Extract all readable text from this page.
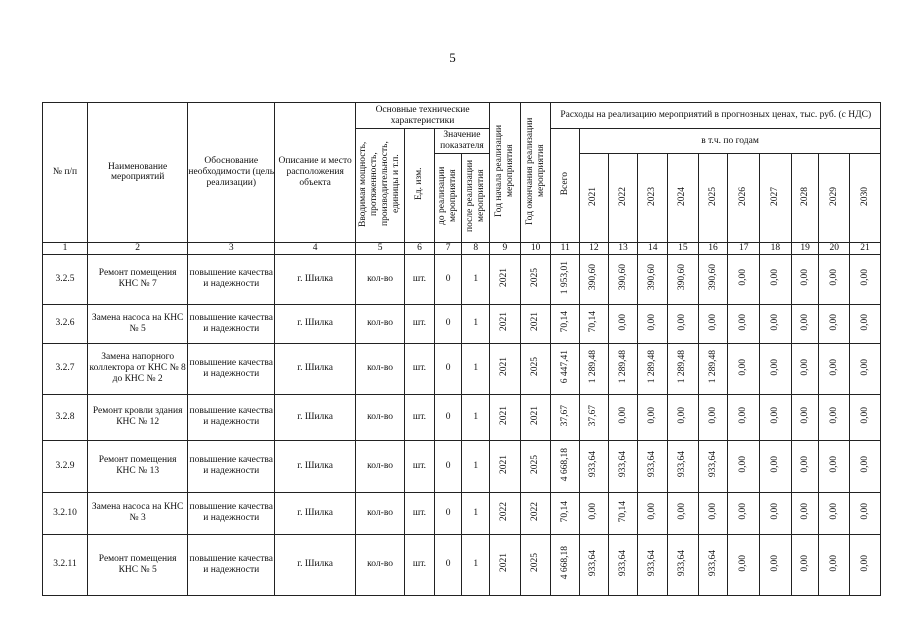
5
№ п/п	Наименование мероприятий	Обоснование необходимости (цель реализации)	Описание и место расположения объекта	Основные технические характеристики				Год начала реализации мероприятия	Год окончания реализации мероприятия	Расходы на реализацию мероприятий в прогнозных ценах, тыс. руб. (с НДС)										
				Вводимая мощность, протяженность, производительность, единицы и т.п.	Ед. изм.	Значение показателя				Всего	в т.ч. по годам									
						до реализации мероприятия	после реализации мероприятия				2021	2022	2023	2024	2025	2026	2027	2028	2029	2030
1	2	3	4	5	6	7	8	9	10	11	12	13	14	15	16	17	18	19	20	21
3.2.5	Ремонт помещения КНС № 7	повышение качества и надежности	г. Шилка	кол-во	шт.	0	1	2021	2025	1 953,01	390,60	390,60	390,60	390,60	390,60	0,00	0,00	0,00	0,00	0,00
3.2.6	Замена насоса на КНС № 5	повышение качества и надежности	г. Шилка	кол-во	шт.	0	1	2021	2021	70,14	70,14	0,00	0,00	0,00	0,00	0,00	0,00	0,00	0,00	0,00
3.2.7	Замена напорного коллектора от КНС № 8 до КНС № 2	повышение качества и надежности	г. Шилка	кол-во	шт.	0	1	2021	2025	6 447,41	1 289,48	1 289,48	1 289,48	1 289,48	1 289,48	0,00	0,00	0,00	0,00	0,00
3.2.8	Ремонт кровли здания КНС № 12	повышение качества и надежности	г. Шилка	кол-во	шт.	0	1	2021	2021	37,67	37,67	0,00	0,00	0,00	0,00	0,00	0,00	0,00	0,00	0,00
3.2.9	Ремонт помещения КНС № 13	повышение качества и надежности	г. Шилка	кол-во	шт.	0	1	2021	2025	4 668,18	933,64	933,64	933,64	933,64	933,64	0,00	0,00	0,00	0,00	0,00
3.2.10	Замена насоса на КНС № 3	повышение качества и надежности	г. Шилка	кол-во	шт.	0	1	2022	2022	70,14	0,00	70,14	0,00	0,00	0,00	0,00	0,00	0,00	0,00	0,00
3.2.11	Ремонт помещения КНС № 5	повышение качества и надежности	г. Шилка	кол-во	шт.	0	1	2021	2025	4 668,18	933,64	933,64	933,64	933,64	933,64	0,00	0,00	0,00	0,00	0,00
